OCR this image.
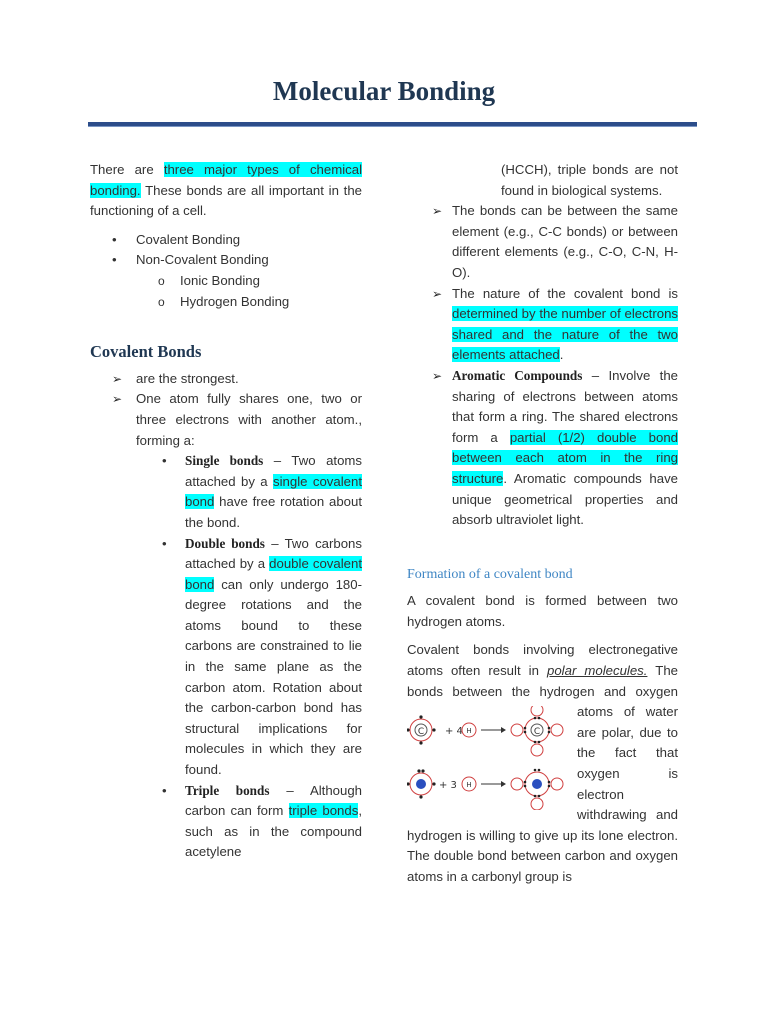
Molecular Bonding

There are three major types of chemical bonding. These bonds are all important in the functioning of a cell.

• Covalent Bonding
• Non-Covalent Bonding
o Ionic Bonding
o Hydrogen Bonding
Covalent Bonds
➢ are the strongest.
➢ One atom fully shares one, two or three electrons with another atom., forming a:
• Single bonds – Two atoms attached by a single covalent bond have free rotation about the bond.
• Double bonds – Two carbons attached by a double covalent bond can only undergo 180-degree rotations and the atoms bound to these carbons are constrained to lie in the same plane as the carbon atom. Rotation about the carbon-carbon bond has structural implications for molecules in which they are found.
• Triple bonds – Although carbon can form triple bonds, such as in the compound acetylene

(HCCH), triple bonds are not found in biological systems.

➢ The bonds can be between the same element (e.g., C-C bonds) or between different elements (e.g., C-O, C-N, H-O).
➢ The nature of the covalent bond is determined by the number of electrons shared and the nature of the two elements attached.
➢ Aromatic Compounds – Involve the sharing of electrons between atoms that form a ring. The shared electrons form a partial (1/2) double bond between each atom in the ring structure. Aromatic compounds have unique geometrical properties and absorb ultraviolet light.
Formation of a covalent bond

A covalent bond is formed between two hydrogen atoms.

Covalent bonds involving electronegative atoms often result in polar molecules. The bonds between the hydrogen and oxygen
C + 4 H	C
+ 3 H
atoms of water are polar, due to the fact that oxygen is electron withdrawing and hydrogen is willing to give up its lone electron. The double bond between carbon and oxygen atoms in a carbonyl group is
